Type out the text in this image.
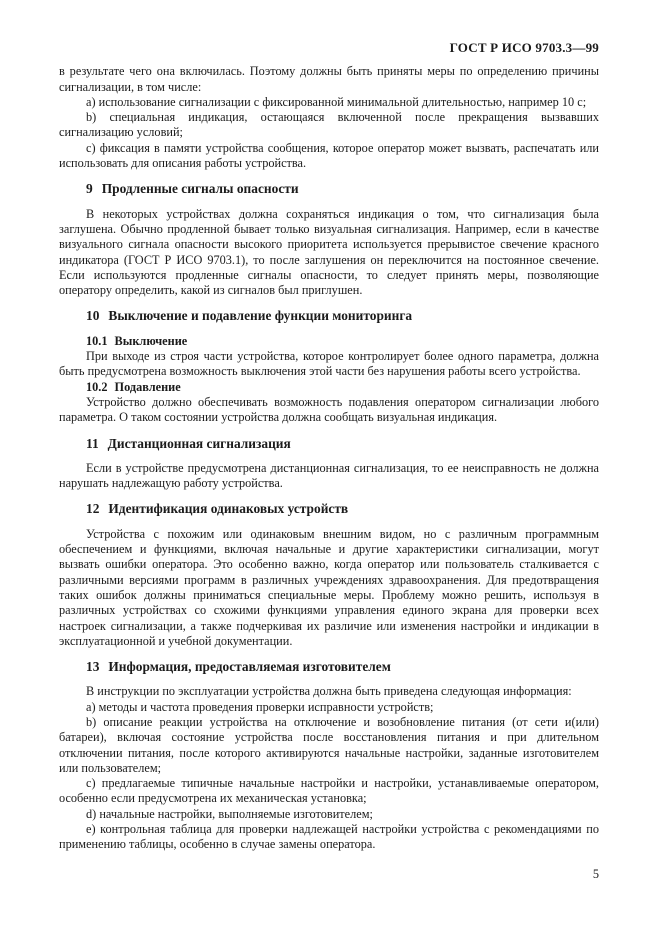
ГОСТ Р ИСО 9703.3—99

в результате чего она включилась. Поэтому должны быть приняты меры по определению причины сигнализации, в том числе:

a) использование сигнализации с фиксированной минимальной длительностью, например 10 с;

b) специальная индикация, остающаяся включенной после прекращения вызвавших сигнализацию условий;

c) фиксация в памяти устройства сообщения, которое оператор может вызвать, распечатать или использовать для описания работы устройства.

9 Продленные сигналы опасности

В некоторых устройствах должна сохраняться индикация о том, что сигнализация была заглушена. Обычно продленной бывает только визуальная сигнализация. Например, если в качестве визуального сигнала опасности высокого приоритета используется прерывистое свечение красного индикатора (ГОСТ Р ИСО 9703.1), то после заглушения он переключится на постоянное свечение. Если используются продленные сигналы опасности, то следует принять меры, позволяющие оператору определить, какой из сигналов был приглушен.

10 Выключение и подавление функции мониторинга

10.1 Выключение

При выходе из строя части устройства, которое контролирует более одного параметра, должна быть предусмотрена возможность выключения этой части без нарушения работы всего устройства.

10.2 Подавление

Устройство должно обеспечивать возможность подавления оператором сигнализации любого параметра. О таком состоянии устройства должна сообщать визуальная индикация.

11 Дистанционная сигнализация

Если в устройстве предусмотрена дистанционная сигнализация, то ее неисправность не должна нарушать надлежащую работу устройства.

12 Идентификация одинаковых устройств

Устройства с похожим или одинаковым внешним видом, но с различным программным обеспечением и функциями, включая начальные и другие характеристики сигнализации, могут вызвать ошибки оператора. Это особенно важно, когда оператор или пользователь сталкивается с различными версиями программ в различных учреждениях здравоохранения. Для предотвращения таких ошибок должны приниматься специальные меры. Проблему можно решить, используя в различных устройствах со схожими функциями управления единого экрана для проверки всех настроек сигнализации, а также подчеркивая их различие или изменения настройки и индикации в эксплуатационной и учебной документации.

13 Информация, предоставляемая изготовителем

В инструкции по эксплуатации устройства должна быть приведена следующая информация:

a) методы и частота проведения проверки исправности устройств;

b) описание реакции устройства на отключение и возобновление питания (от сети и(или) батареи), включая состояние устройства после восстановления питания и при длительном отключении питания, после которого активируются начальные настройки, заданные изготовителем или пользователем;

c) предлагаемые типичные начальные настройки и настройки, устанавливаемые оператором, особенно если предусмотрена их механическая установка;

d) начальные настройки, выполняемые изготовителем;

e) контрольная таблица для проверки надлежащей настройки устройства с рекомендациями по применению таблицы, особенно в случае замены оператора.

5
